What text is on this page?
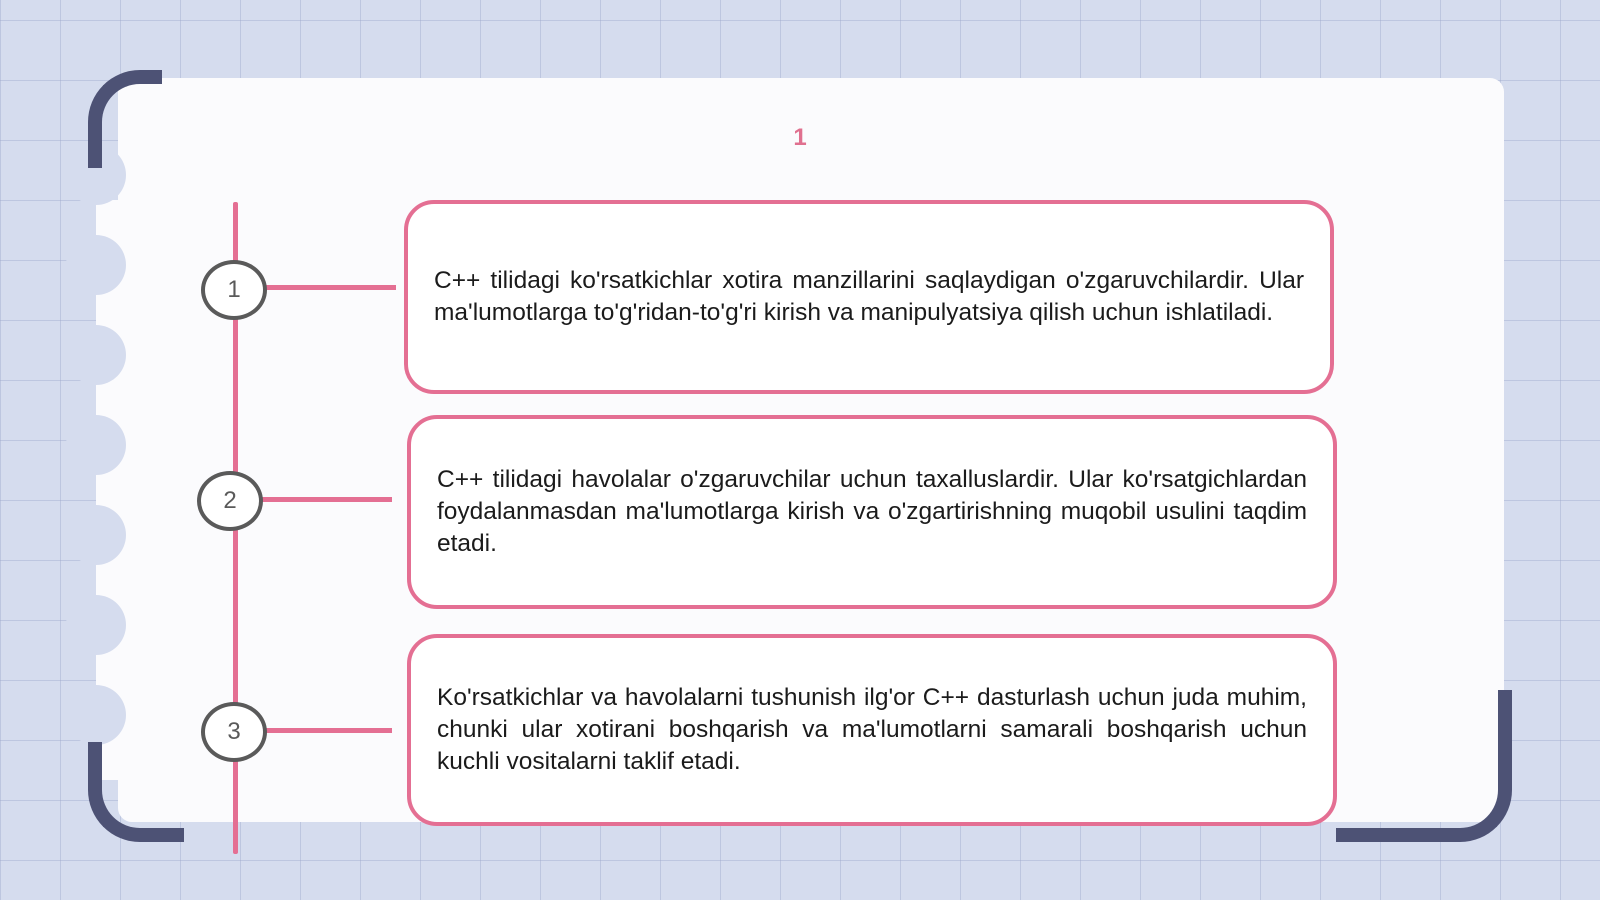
1
1	C++ tilidagi ko'rsatkichlar xotira manzillarini saqlaydigan o'zgaruvchilardir. Ular ma'lumotlarga to'g'ridan-to'g'ri kirish va manipulyatsiya qilish uchun ishlatiladi.

2

C++ tilidagi havolalar o'zgaruvchilar uchun taxalluslardir. Ular ko'rsatgichlardan foydalanmasdan ma'lumotlarga kirish va o'zgartirishning muqobil usulini taqdim etadi.

3

Ko'rsatkichlar va havolalarni tushunish ilg'or C++ dasturlash uchun juda muhim, chunki ular xotirani boshqarish va ma'lumotlarni samarali boshqarish uchun kuchli vositalarni taklif etadi.
